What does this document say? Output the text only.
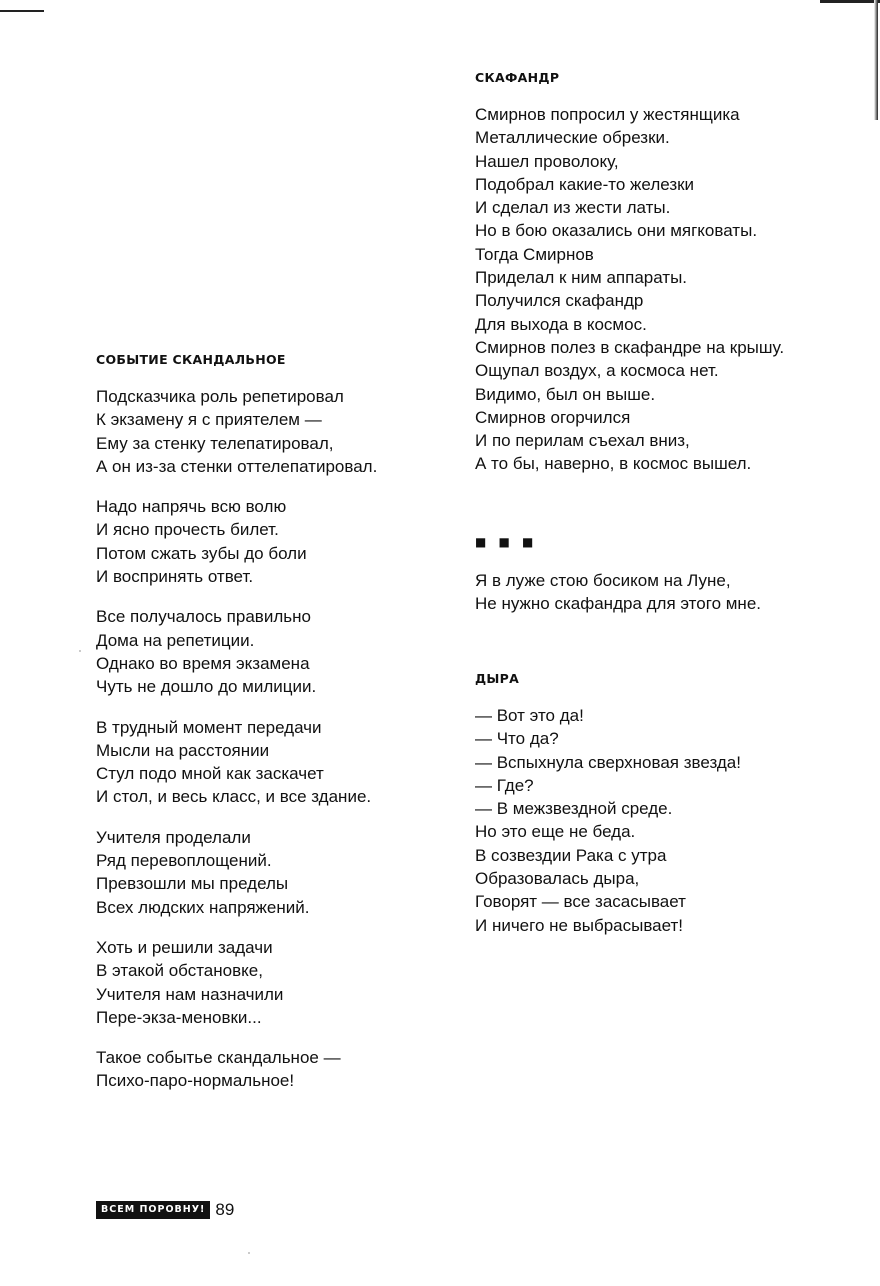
СКАФАНДР
Смирнов попросил у жестянщика
Металлические обрезки.
Нашел проволоку,
Подобрал какие-то железки
И сделал из жести латы.
Но в бою оказались они мягковаты.
Тогда Смирнов
Приделал к ним аппараты.
Получился скафандр
Для выхода в космос.
Смирнов полез в скафандре на крышу.
Ощупал воздух, а космоса нет.
Видимо, был он выше.
Смирнов огорчился
И по перилам съехал вниз,
А то бы, наверно, в космос вышел.
■ ■ ■
Я в луже стою босиком на Луне,
Не нужно скафандра для этого мне.
ДЫРА
— Вот это да!
— Что да?
— Вспыхнула сверхновая звезда!
— Где?
— В межзвездной среде.
Но это еще не беда.
В созвездии Рака с утра
Образовалась дыра,
Говорят — все засасывает
И ничего не выбрасывает!
СОБЫТИЕ СКАНДАЛЬНОЕ
Подсказчика роль репетировал
К экзамену я с приятелем —
Ему за стенку телепатировал,
А он из-за стенки оттелепатировал.
Надо напрячь всю волю
И ясно прочесть билет.
Потом сжать зубы до боли
И воспринять ответ.
Все получалось правильно
Дома на репетиции.
Однако во время экзамена
Чуть не дошло до милиции.
В трудный момент передачи
Мысли на расстоянии
Стул подо мной как заскачет
И стол, и весь класс, и все здание.
Учителя проделали
Ряд перевоплощений.
Превзошли мы пределы
Всех людских напряжений.
Хоть и решили задачи
В этакой обстановке,
Учителя нам назначили
Пере-экза-меновки...
Такое событье скандальное —
Психо-паро-нормальное!
ВСЕМ ПОРОВНУ! 89
